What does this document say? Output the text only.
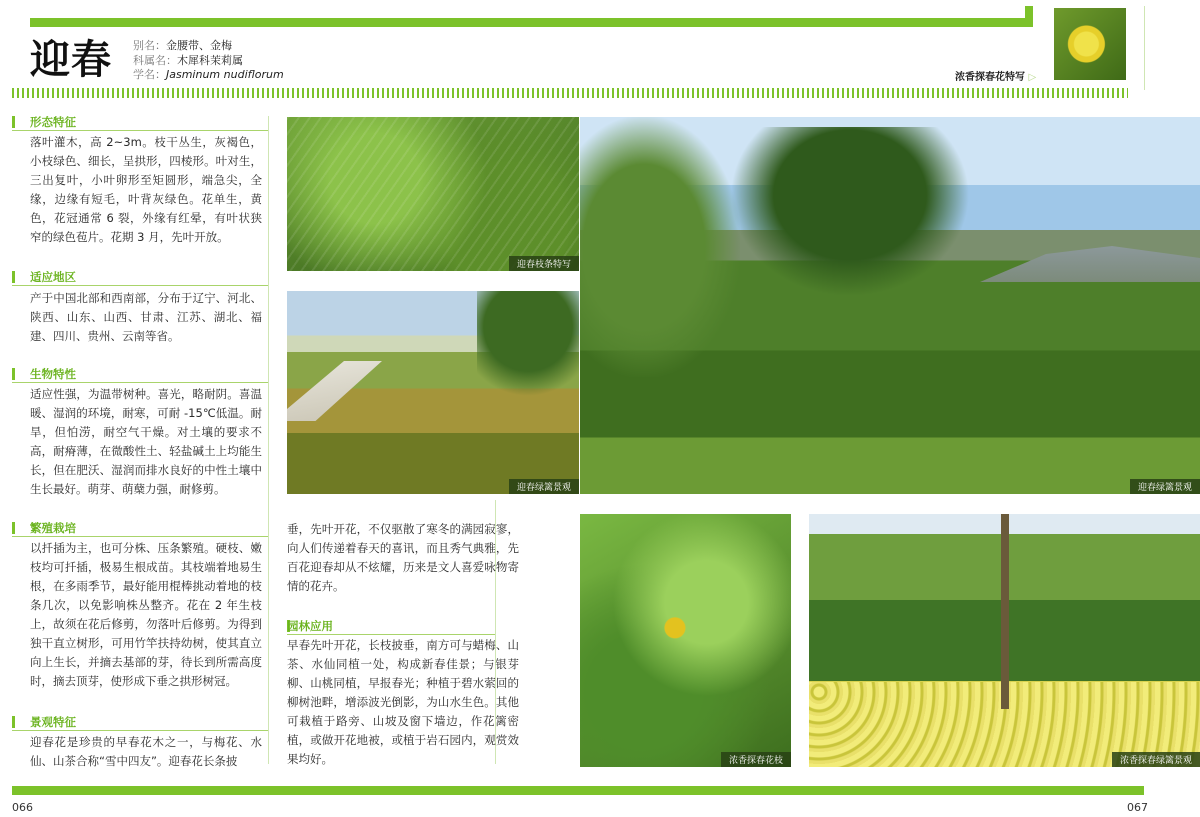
迎春 别名：金腰带、金梅
科属名：木犀科茉莉属
学名：Jasminum nudiflorum	浓香探春花特写 ▷
形态特征
落叶灌木，高 2~3m。枝干丛生，灰褐色，小枝绿色、细长，呈拱形，四棱形。叶对生，三出复叶，小叶卵形至矩圆形，端急尖，全缘，边缘有短毛，叶背灰绿色。花单生，黄色，花冠通常 6 裂，外缘有红晕，有叶状狭窄的绿色苞片。花期 3 月，先叶开放。
适应地区
产于中国北部和西南部，分布于辽宁、河北、陕西、山东、山西、甘肃、江苏、湖北、福建、四川、贵州、云南等省。
生物特性
适应性强，为温带树种。喜光，略耐阴。喜温暖、湿润的环境，耐寒，可耐 -15℃低温。耐旱，但怕涝，耐空气干燥。对土壤的要求不高，耐瘠薄，在微酸性土、轻盐碱土上均能生长，但在肥沃、湿润而排水良好的中性土壤中生长最好。萌芽、萌蘖力强，耐修剪。
繁殖栽培
以扦插为主，也可分株、压条繁殖。硬枝、嫩枝均可扦插，极易生根成苗。其枝端着地易生根，在多雨季节，最好能用棍棒挑动着地的枝条几次，以免影响株丛整齐。花在 2 年生枝上，故须在花后修剪，勿落叶后修剪。为得到独干直立树形，可用竹竿扶持幼树，使其直立向上生长，并摘去基部的芽，待长到所需高度时，摘去顶芽，使形成下垂之拱形树冠。
景观特征
迎春花是珍贵的早春花木之一，与梅花、水仙、山茶合称“雪中四友”。迎春花长条披
垂，先叶开花，不仅驱散了寒冬的满园寂寥，向人们传递着春天的喜讯，而且秀气典雅，先百花迎春却从不炫耀，历来是文人喜爱咏物寄情的花卉。
园林应用
早春先叶开花，长枝披垂，南方可与蜡梅、山茶、水仙同植一处，构成新春佳景；与银芽柳、山桃同植，早报春光；种植于碧水萦回的柳树池畔，增添波光倒影，为山水生色。其他可栽植于路旁、山坡及窗下墙边，作花篱密植，或做开花地被，或植于岩石园内，观赏效果均好。
迎春枝条特写
迎春绿篱景观	迎春绿篱景观
浓香探春花枝	浓香探春绿篱景观
066	067
